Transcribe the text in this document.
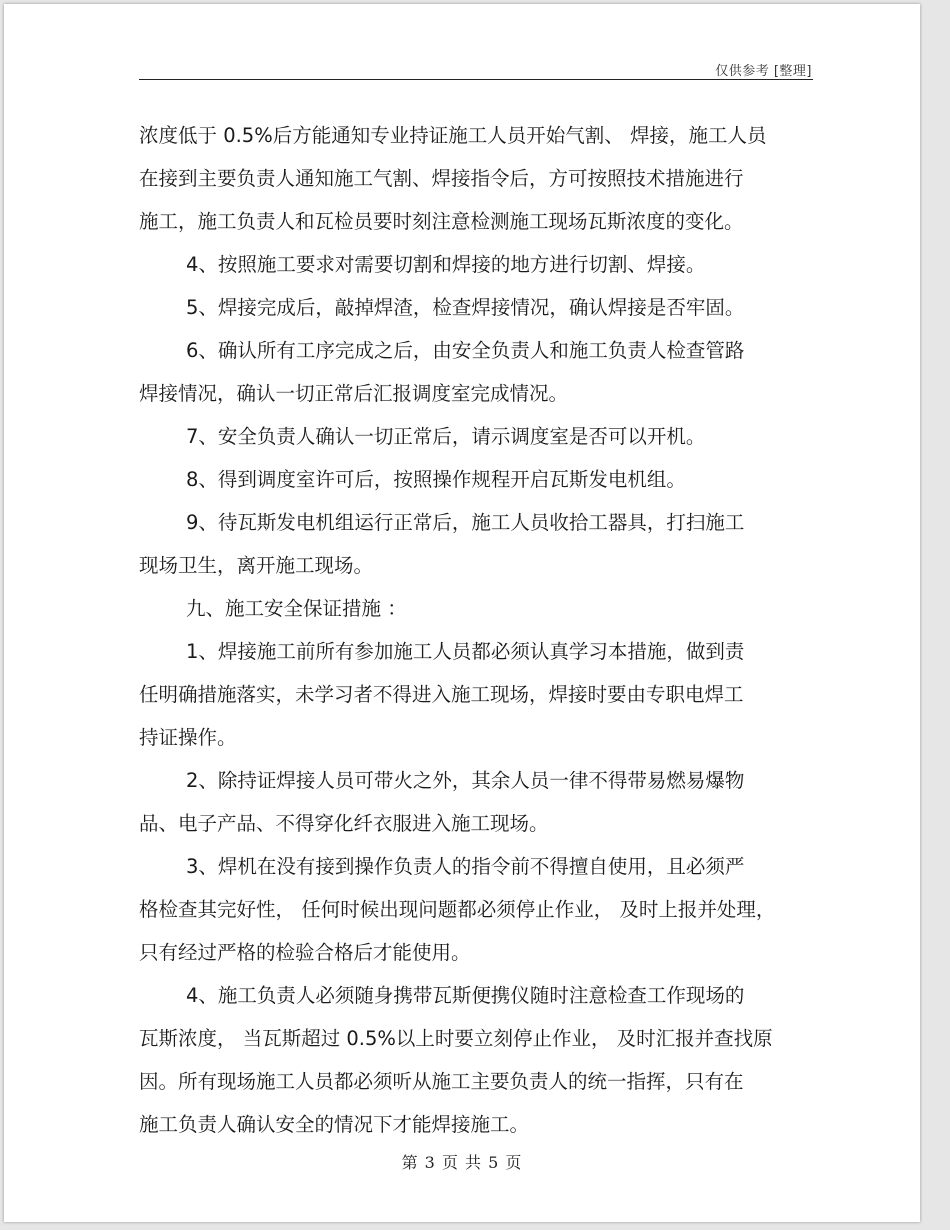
仅供参考 [整理]
浓度低于 0.5%后方能通知专业持证施工人员开始气割、 焊接，施工人员
在接到主要负责人通知施工气割、焊接指令后，方可按照技术措施进行
施工，施工负责人和瓦检员要时刻注意检测施工现场瓦斯浓度的变化。
4、按照施工要求对需要切割和焊接的地方进行切割、焊接。
5、焊接完成后，敲掉焊渣，检查焊接情况，确认焊接是否牢固。
6、确认所有工序完成之后，由安全负责人和施工负责人检查管路
焊接情况，确认一切正常后汇报调度室完成情况。
7、安全负责人确认一切正常后，请示调度室是否可以开机。
8、得到调度室许可后，按照操作规程开启瓦斯发电机组。
9、待瓦斯发电机组运行正常后，施工人员收拾工器具，打扫施工
现场卫生，离开施工现场。
九、施工安全保证措施 ：
1、焊接施工前所有参加施工人员都必须认真学习本措施，做到责
任明确措施落实，未学习者不得进入施工现场，焊接时要由专职电焊工
持证操作。
2、除持证焊接人员可带火之外，其余人员一律不得带易燃易爆物
品、电子产品、不得穿化纤衣服进入施工现场。
3、焊机在没有接到操作负责人的指令前不得擅自使用，且必须严
格检查其完好性， 任何时候出现问题都必须停止作业， 及时上报并处理，
只有经过严格的检验合格后才能使用。
4、施工负责人必须随身携带瓦斯便携仪随时注意检查工作现场的
瓦斯浓度， 当瓦斯超过 0.5%以上时要立刻停止作业， 及时汇报并查找原
因。所有现场施工人员都必须听从施工主要负责人的统一指挥，只有在
施工负责人确认安全的情况下才能焊接施工。
第 3 页 共 5 页
